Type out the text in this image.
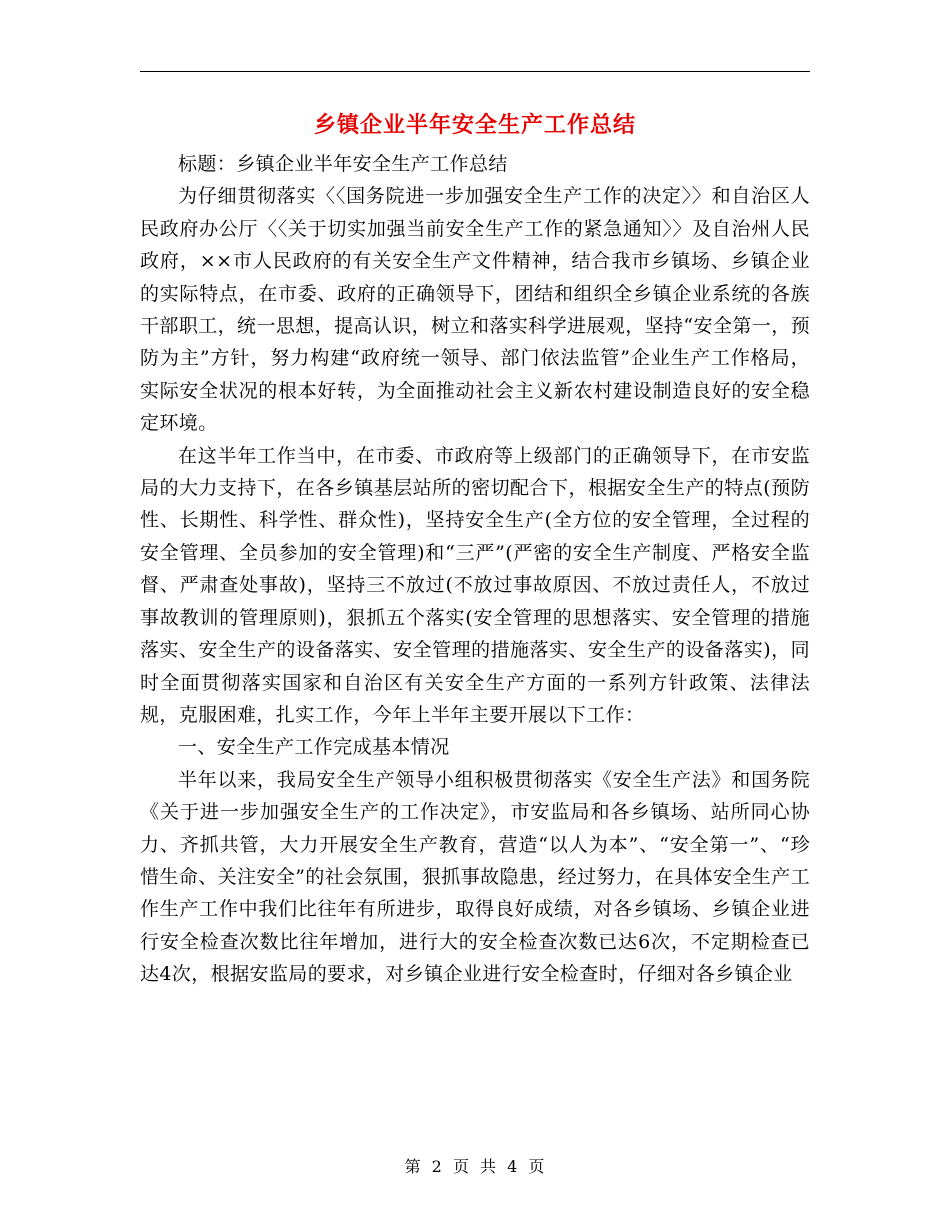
乡镇企业半年安全生产工作总结

标题：乡镇企业半年安全生产工作总结

为仔细贯彻落实〈〈国务院进一步加强安全生产工作的决定〉〉和自治区人民政府办公厅〈〈关于切实加强当前安全生产工作的紧急通知〉〉及自治州人民政府，××市人民政府的有关安全生产文件精神，结合我市乡镇场、乡镇企业的实际特点，在市委、政府的正确领导下，团结和组织全乡镇企业系统的各族干部职工，统一思想，提高认识，树立和落实科学进展观，坚持“安全第一，预防为主”方针，努力构建“政府统一领导、部门依法监管”企业生产工作格局，实际安全状况的根本好转，为全面推动社会主义新农村建设制造良好的安全稳定环境。

在这半年工作当中，在市委、市政府等上级部门的正确领导下，在市安监局的大力支持下，在各乡镇基层站所的密切配合下，根据安全生产的特点(预防性、长期性、科学性、群众性)，坚持安全生产(全方位的安全管理，全过程的安全管理、全员参加的安全管理)和“三严”(严密的安全生产制度、严格安全监督、严肃查处事故)，坚持三不放过(不放过事故原因、不放过责任人，不放过事故教训的管理原则)，狠抓五个落实(安全管理的思想落实、安全管理的措施落实、安全生产的设备落实、安全管理的措施落实、安全生产的设备落实)，同时全面贯彻落实国家和自治区有关安全生产方面的一系列方针政策、法律法规，克服困难，扎实工作，今年上半年主要开展以下工作：

一、安全生产工作完成基本情况

半年以来，我局安全生产领导小组积极贯彻落实《安全生产法》和国务院《关于进一步加强安全生产的工作决定》，市安监局和各乡镇场、站所同心协力、齐抓共管，大力开展安全生产教育，营造“以人为本”、“安全第一”、“珍惜生命、关注安全”的社会氛围，狠抓事故隐患，经过努力，在具体安全生产工作生产工作中我们比往年有所进步，取得良好成绩，对各乡镇场、乡镇企业进行安全检查次数比往年增加，进行大的安全检查次数已达6次，不定期检查已达4次，根据安监局的要求，对乡镇企业进行安全检查时，仔细对各乡镇企业

第 2 页 共 4 页
